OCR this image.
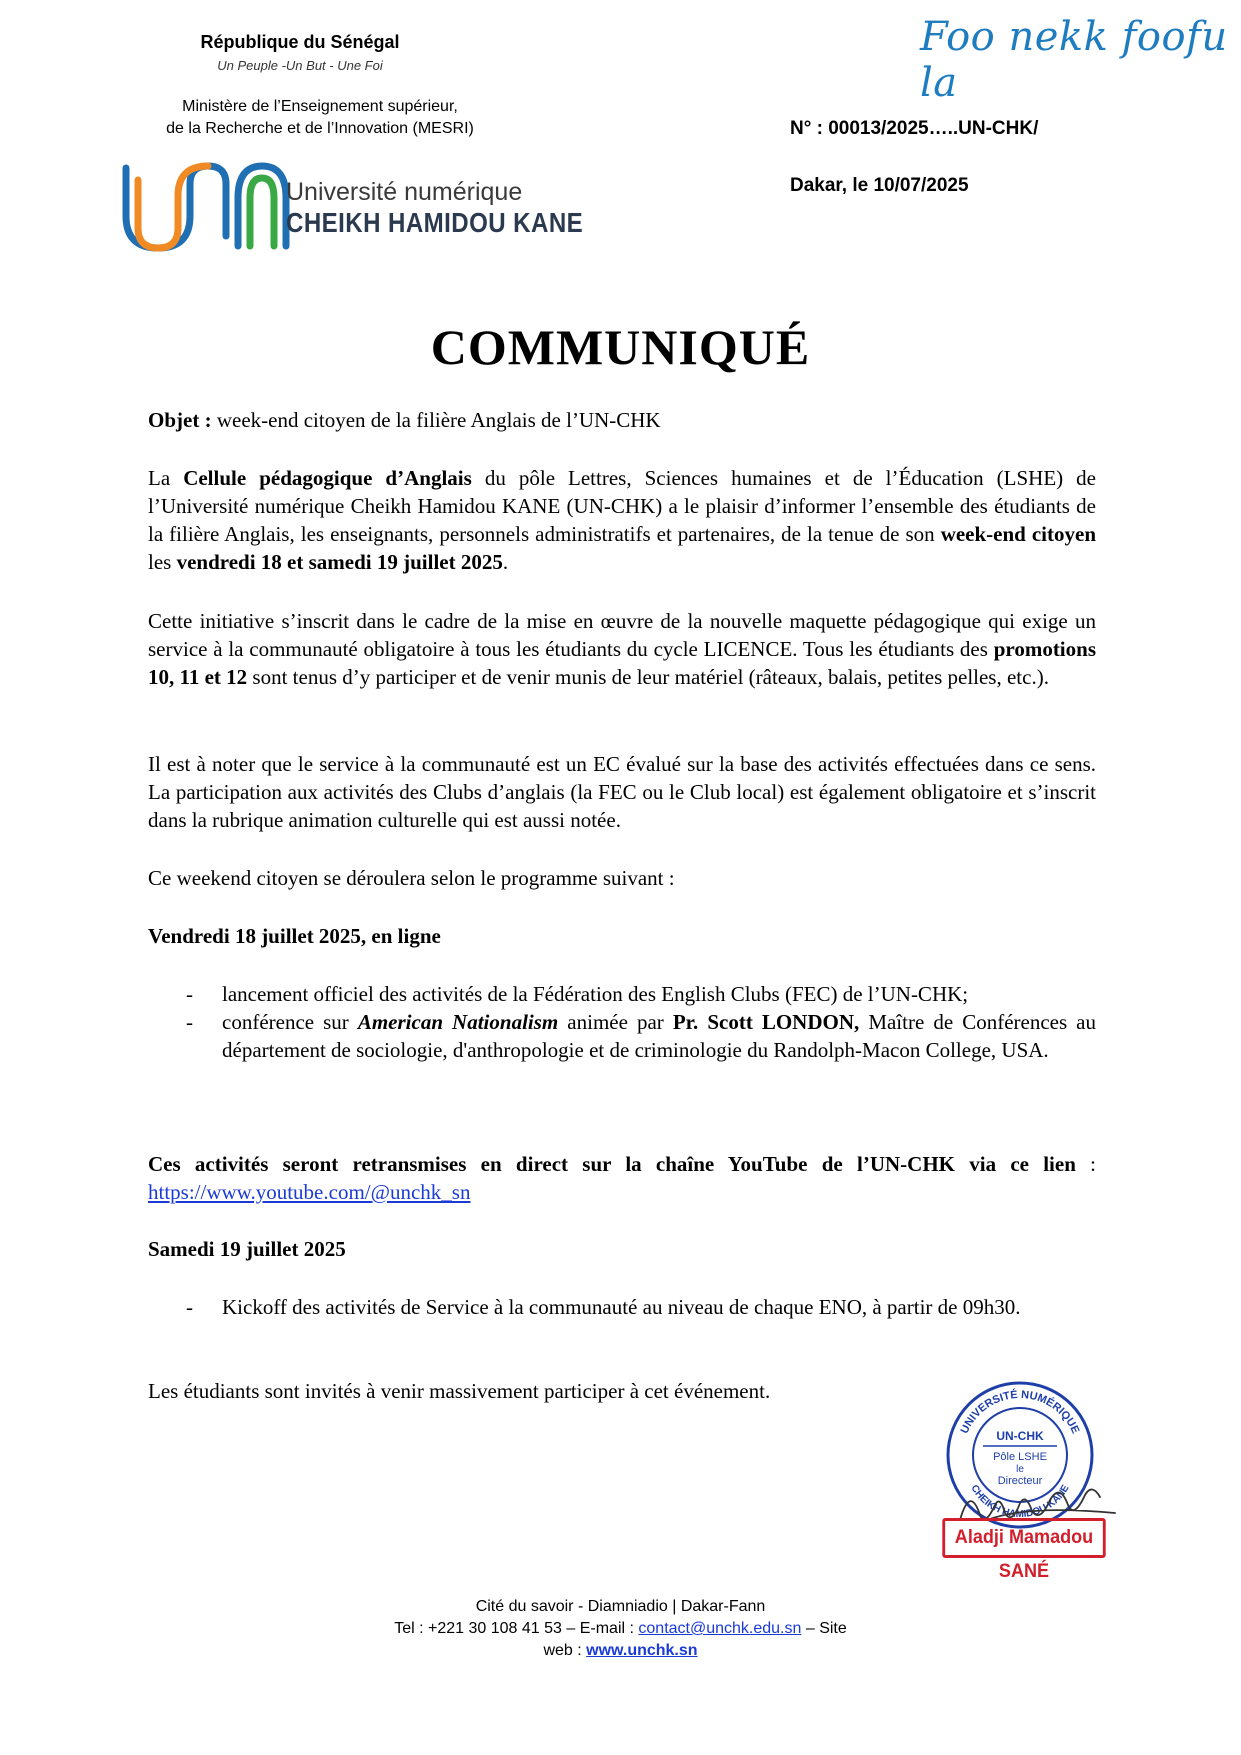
République du Sénégal
Un Peuple -Un But - Une Foi
Ministère de l’Enseignement supérieur,
de la Recherche et de l’Innovation (MESRI)
Université numérique
CHEIKH HAMIDOU KANE
Foo nekk foofu la
N° : 00013/2025…..UN-CHK/
Dakar, le 10/07/2025
COMMUNIQUÉ
Objet : week-end citoyen de la filière Anglais de l’UN-CHK
La Cellule pédagogique d’Anglais du pôle Lettres, Sciences humaines et de l’Éducation (LSHE) de l’Université numérique Cheikh Hamidou KANE (UN-CHK) a le plaisir d’informer l’ensemble des étudiants de la filière Anglais, les enseignants, personnels administratifs et partenaires, de la tenue de son week-end citoyen les vendredi 18 et samedi 19 juillet 2025.
Cette initiative s’inscrit dans le cadre de la mise en œuvre de la nouvelle maquette pédagogique qui exige un service à la communauté obligatoire à tous les étudiants du cycle LICENCE. Tous les étudiants des promotions 10, 11 et 12 sont tenus d’y participer et de venir munis de leur matériel (râteaux, balais, petites pelles, etc.).
Il est à noter que le service à la communauté est un EC évalué sur la base des activités effectuées dans ce sens. La participation aux activités des Clubs d’anglais (la FEC ou le Club local) est également obligatoire et s’inscrit dans la rubrique animation culturelle qui est aussi notée.
Ce weekend citoyen se déroulera selon le programme suivant :
Vendredi 18 juillet 2025, en ligne
- lancement officiel des activités de la Fédération des English Clubs (FEC) de l’UN-CHK;
- conférence sur American Nationalism animée par Pr. Scott LONDON, Maître de Conférences au département de sociologie, d'anthropologie et de criminologie du Randolph-Macon College, USA.
Ces activités seront retransmises en direct sur la chaîne YouTube de l’UN-CHK via ce lien : https://www.youtube.com/@unchk_sn
Samedi 19 juillet 2025
- Kickoff des activités de Service à la communauté au niveau de chaque ENO, à partir de 09h30.
Les étudiants sont invités à venir massivement participer à cet événement.
UNIVERSITÉ NUMÉRIQUE
CHEIKH HAMIDOU KANE
UN-CHK
Pôle LSHE
le
Directeur
Aladji Mamadou SANÉ
Cité du savoir - Diamniadio | Dakar-Fann
Tel : +221 30 108 41 53 – E-mail : contact@unchk.edu.sn – Site
web : www.unchk.sn
